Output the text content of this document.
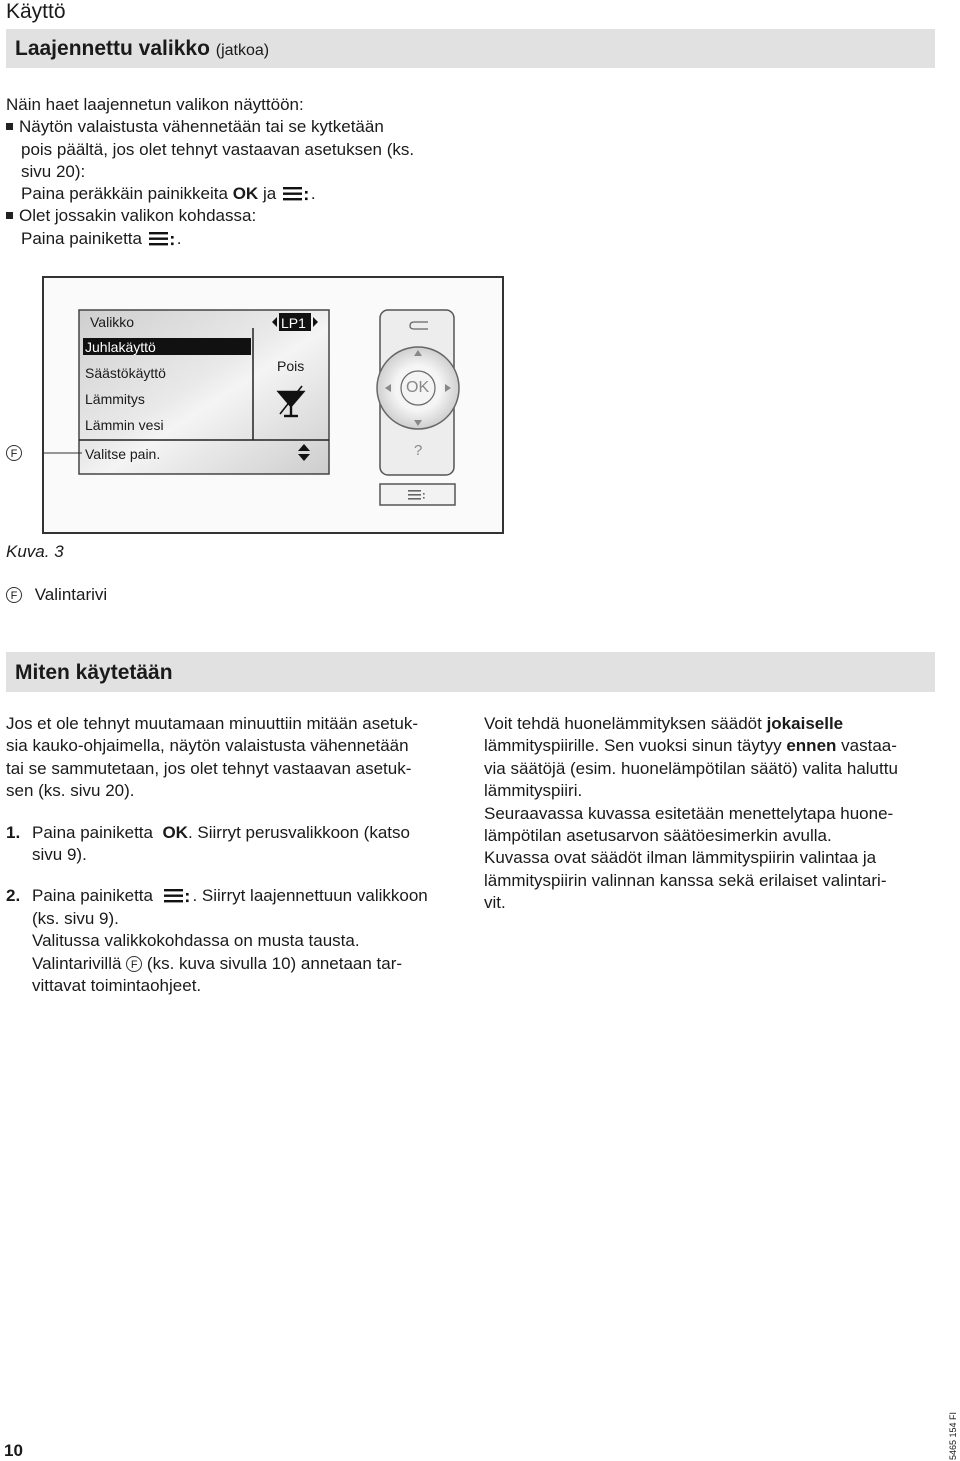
Käyttö
Laajennettu valikko (jatkoa)
Näin haet laajennetun valikon näyttöön:
Näytön valaistusta vähennetään tai se kytketään
pois päältä, jos olet tehnyt vastaavan asetuksen (ks.
sivu 20):
Paina peräkkäin painikkeita OK ja .
Olet jossakin valikon kohdassa:
Paina painiketta .
Valikko	LP1
Juhlakäyttö
Säästökäyttö
Lämmitys
Lämmin vesi
Pois
Valitse pain.
OK
?
F
Kuva. 3
F Valintarivi
Miten käytetään

Jos et ole tehnyt muutamaan minuuttiin mitään asetuk-

sia kauko-ohjaimella, näytön valaistusta vähennetään

tai se sammutetaan, jos olet tehnyt vastaavan asetuk-

sen (ks. sivu 20).

1. Paina painiketta OK. Siirryt perusvalikkoon (katso

sivu 9).

2. Paina painiketta . Siirryt laajennettuun valikkoon

(ks. sivu 9).

Valitussa valikkokohdassa on musta tausta.

Valintarivillä F (ks. kuva sivulla 10) annetaan tar-

vittavat toimintaohjeet.

Voit tehdä huonelämmityksen säädöt jokaiselle

lämmityspiirille. Sen vuoksi sinun täytyy ennen vastaa-

via säätöjä (esim. huonelämpötilan säätö) valita haluttu

lämmityspiiri.

Seuraavassa kuvassa esitetään menettelytapa huone-

lämpötilan asetusarvon säätöesimerkin avulla.

Kuvassa ovat säädöt ilman lämmityspiirin valintaa ja

lämmityspiirin valinnan kanssa sekä erilaiset valintari-

vit.

10	5465 154 FI
